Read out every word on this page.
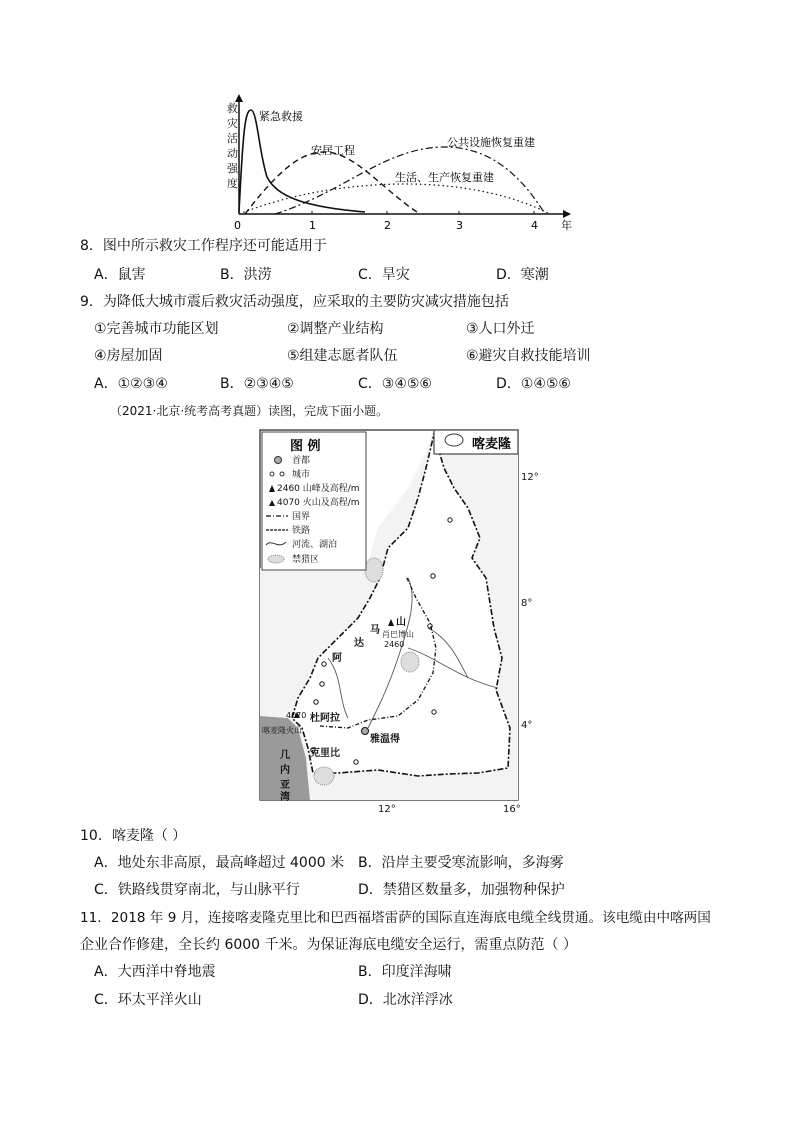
救
灾
活
动
强
度
年
0	1	2	3	4
紧急救援
安居工程
公共设施恢复重建
生活、生产恢复重建
8．图中所示救灾工作程序还可能适用于
A．鼠害	B．洪涝	C．旱灾	D．寒潮
9．为降低大城市震后救灾活动强度，应采取的主要防灾减灾措施包括
①完善城市功能区划	②调整产业结构	③人口外迁
④房屋加固	⑤组建志愿者队伍	⑥避灾自救技能培训
A．①②③④	B．②③④⑤	C．③④⑤⑥	D．①④⑤⑥
（2021·北京·统考高考真题）读图，完成下面小题。
12°
8°
4°
12°	16°
喀麦隆
图 例
首都
城市
2460 山峰及高程/m
4070 火山及高程/m
国界
铁路
河流、湖泊
禁猎区
山
马
达
肖巴博山
2460
阿
4070
喀麦隆火山
杜阿拉
雅温得
克里比
几
内
亚
湾
10．喀麦隆（ ）
A．地处东非高原，最高峰超过 4000 米 B．沿岸主要受寒流影响，多海雾
C．铁路线贯穿南北，与山脉平行	D．禁猎区数量多，加强物种保护
11．2018 年 9 月，连接喀麦隆克里比和巴西福塔雷萨的国际直连海底电缆全线贯通。该电缆由中喀两国
企业合作修建，全长约 6000 千米。为保证海底电缆安全运行，需重点防范（ ）
A．大西洋中脊地震	B．印度洋海啸
C．环太平洋火山	D．北冰洋浮冰
